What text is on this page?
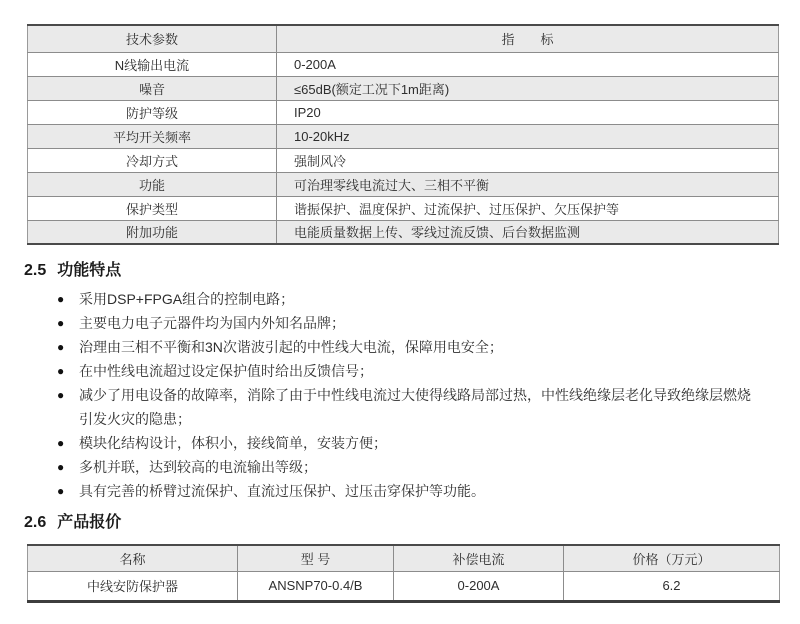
技术参数	指　　标
N线输出电流	0-200A
噪音	≤65dB(额定工况下1m距离)
防护等级	IP20
平均开关频率	10-20kHz
冷却方式	强制风冷
功能	可治理零线电流过大、三相不平衡
保护类型	谐振保护、温度保护、过流保护、过压保护、欠压保护等
附加功能	电能质量数据上传、零线过流反馈、后台数据监测
2.5 功能特点
●	采用DSP+FPGA组合的控制电路；
●	主要电力电子元器件均为国内外知名品牌；
●	治理由三相不平衡和3N次谐波引起的中性线大电流，保障用电安全；
●	在中性线电流超过设定保护值时给出反馈信号；
●	减少了用电设备的故障率，消除了由于中性线电流过大使得线路局部过热，中性线绝缘层老化导致绝缘层燃烧引发火灾的隐患；
●	模块化结构设计，体积小，接线简单，安装方便；
●	多机并联，达到较高的电流输出等级；
●	具有完善的桥臂过流保护、直流过压保护、过压击穿保护等功能。
2.6 产品报价
名称	型 号	补偿电流	价格（万元）
中线安防保护器	ANSNP70-0.4/B	0-200A	6.2
